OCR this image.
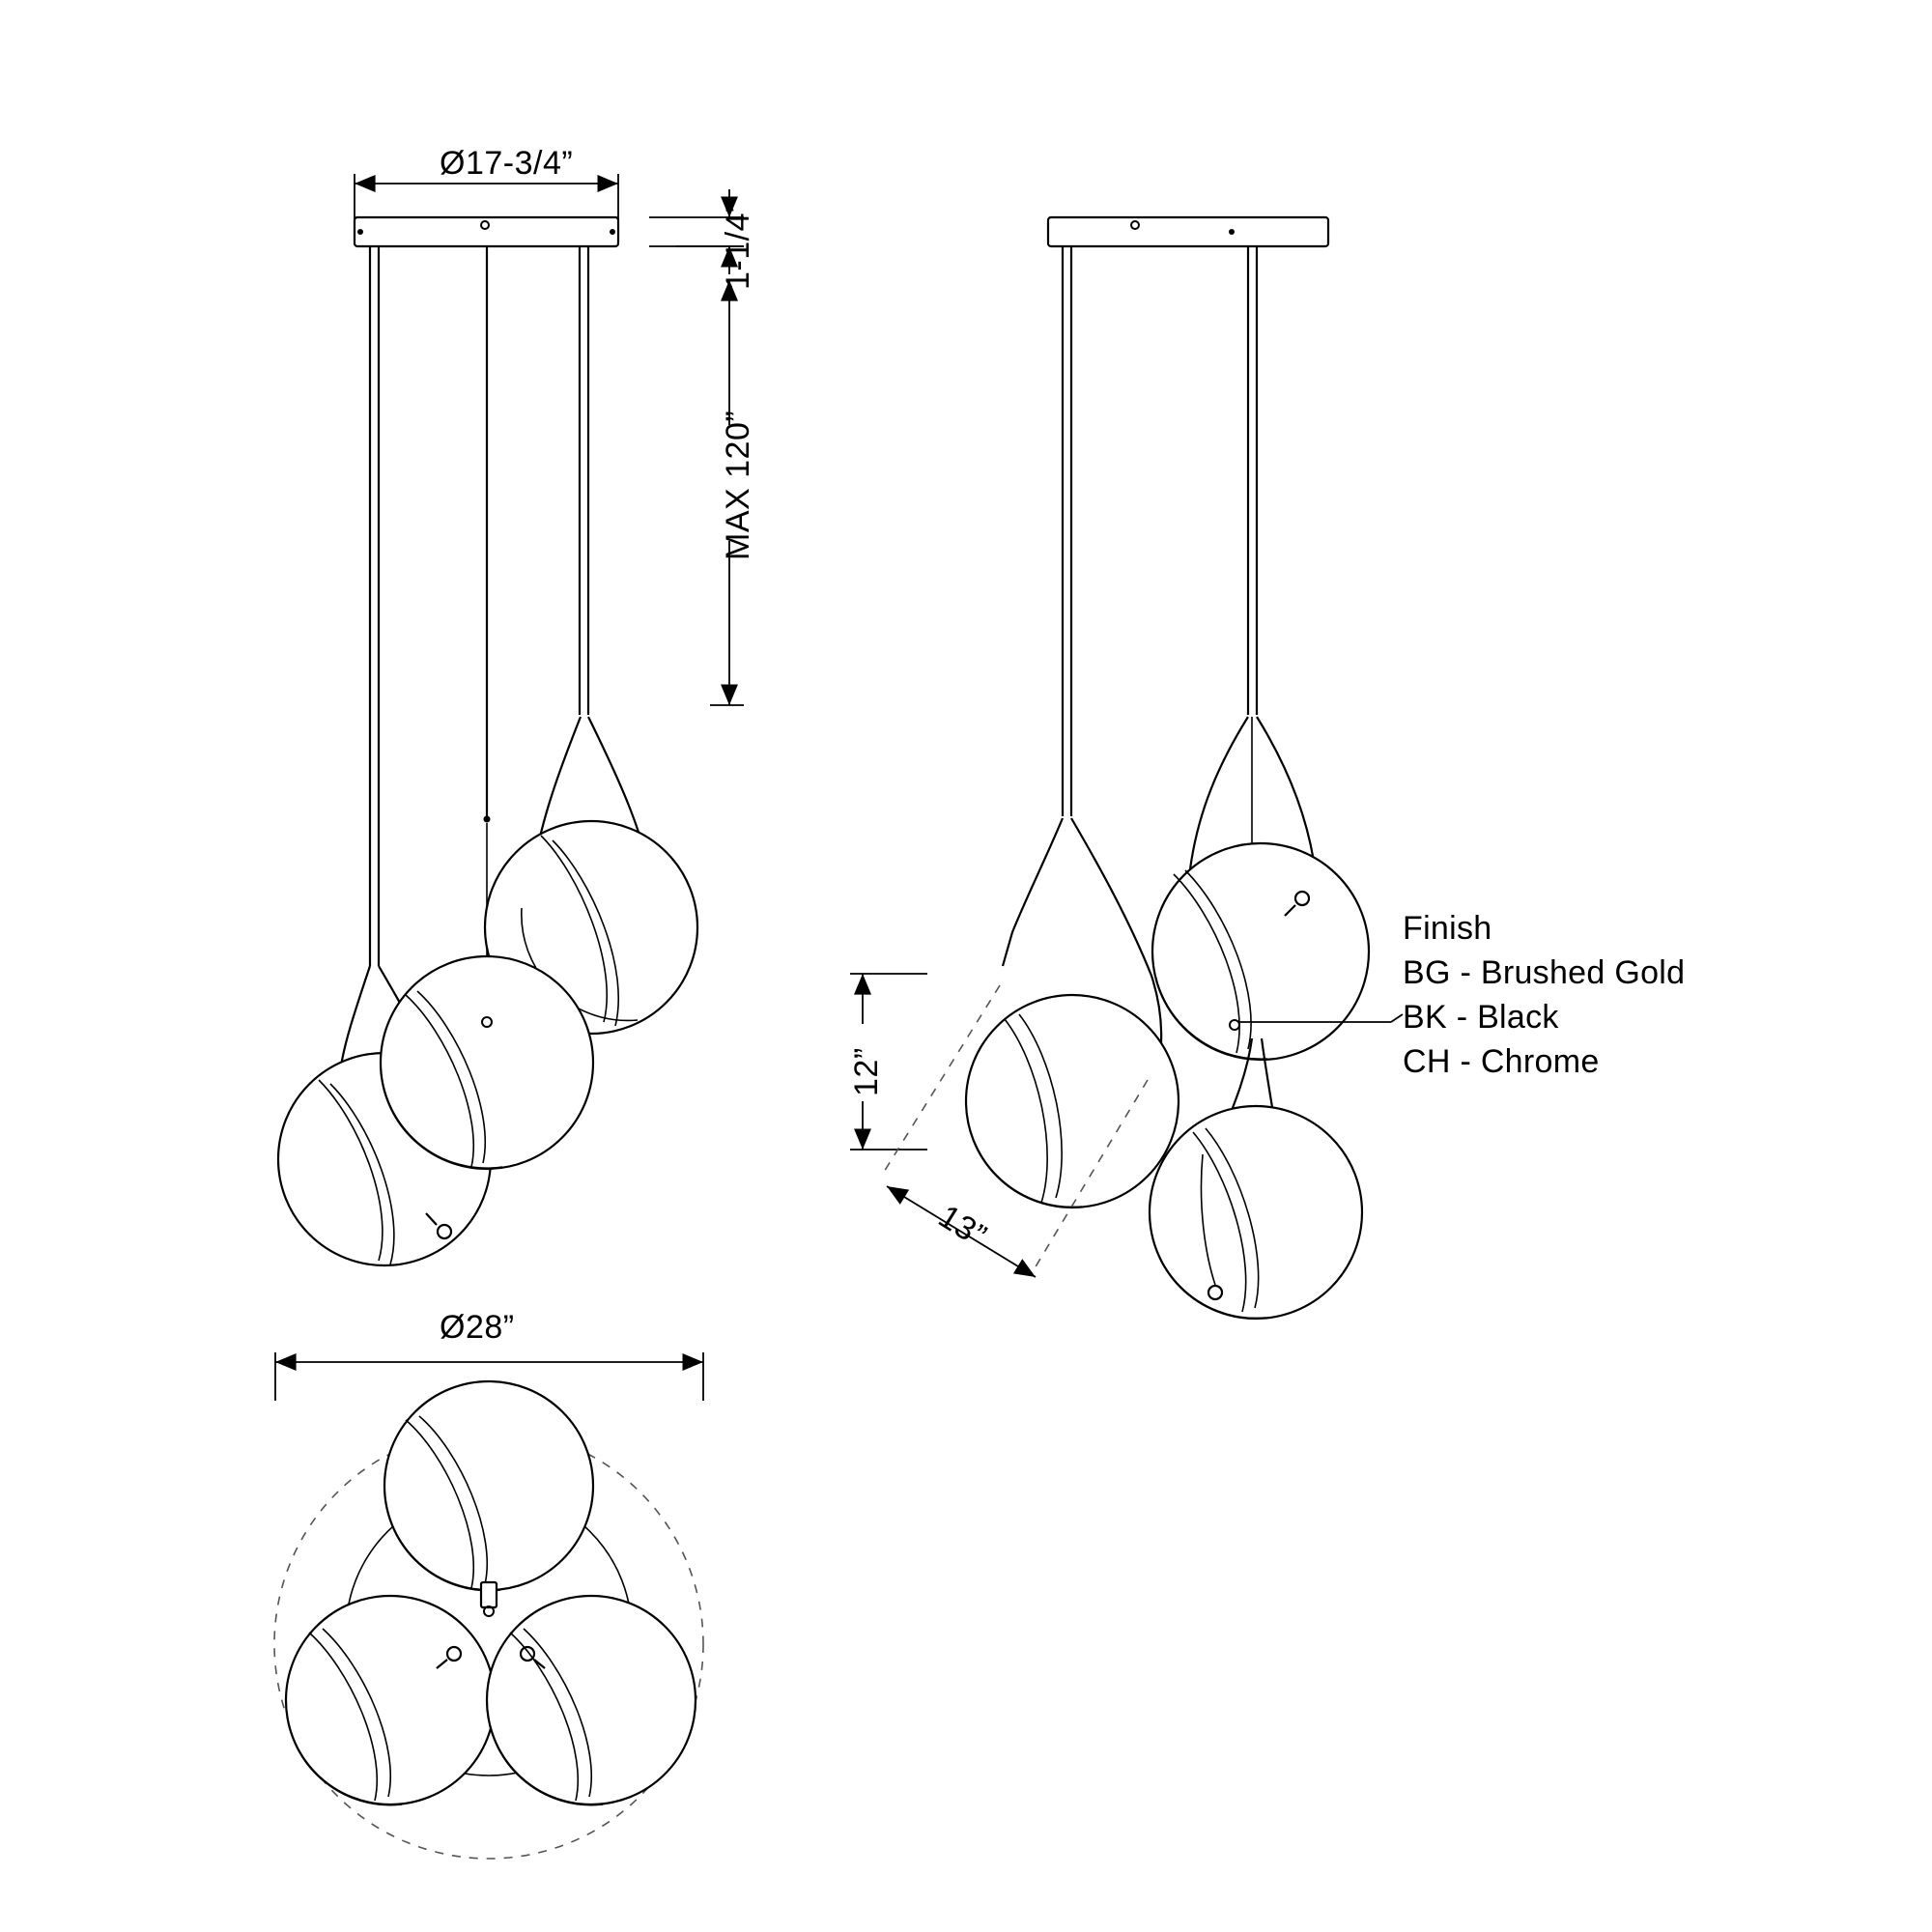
Ø17-3/4”
1-1/4”
MAX 120”
12”
13”
Ø28”
Finish
BG - Brushed Gold
BK - Black
CH - Chrome
